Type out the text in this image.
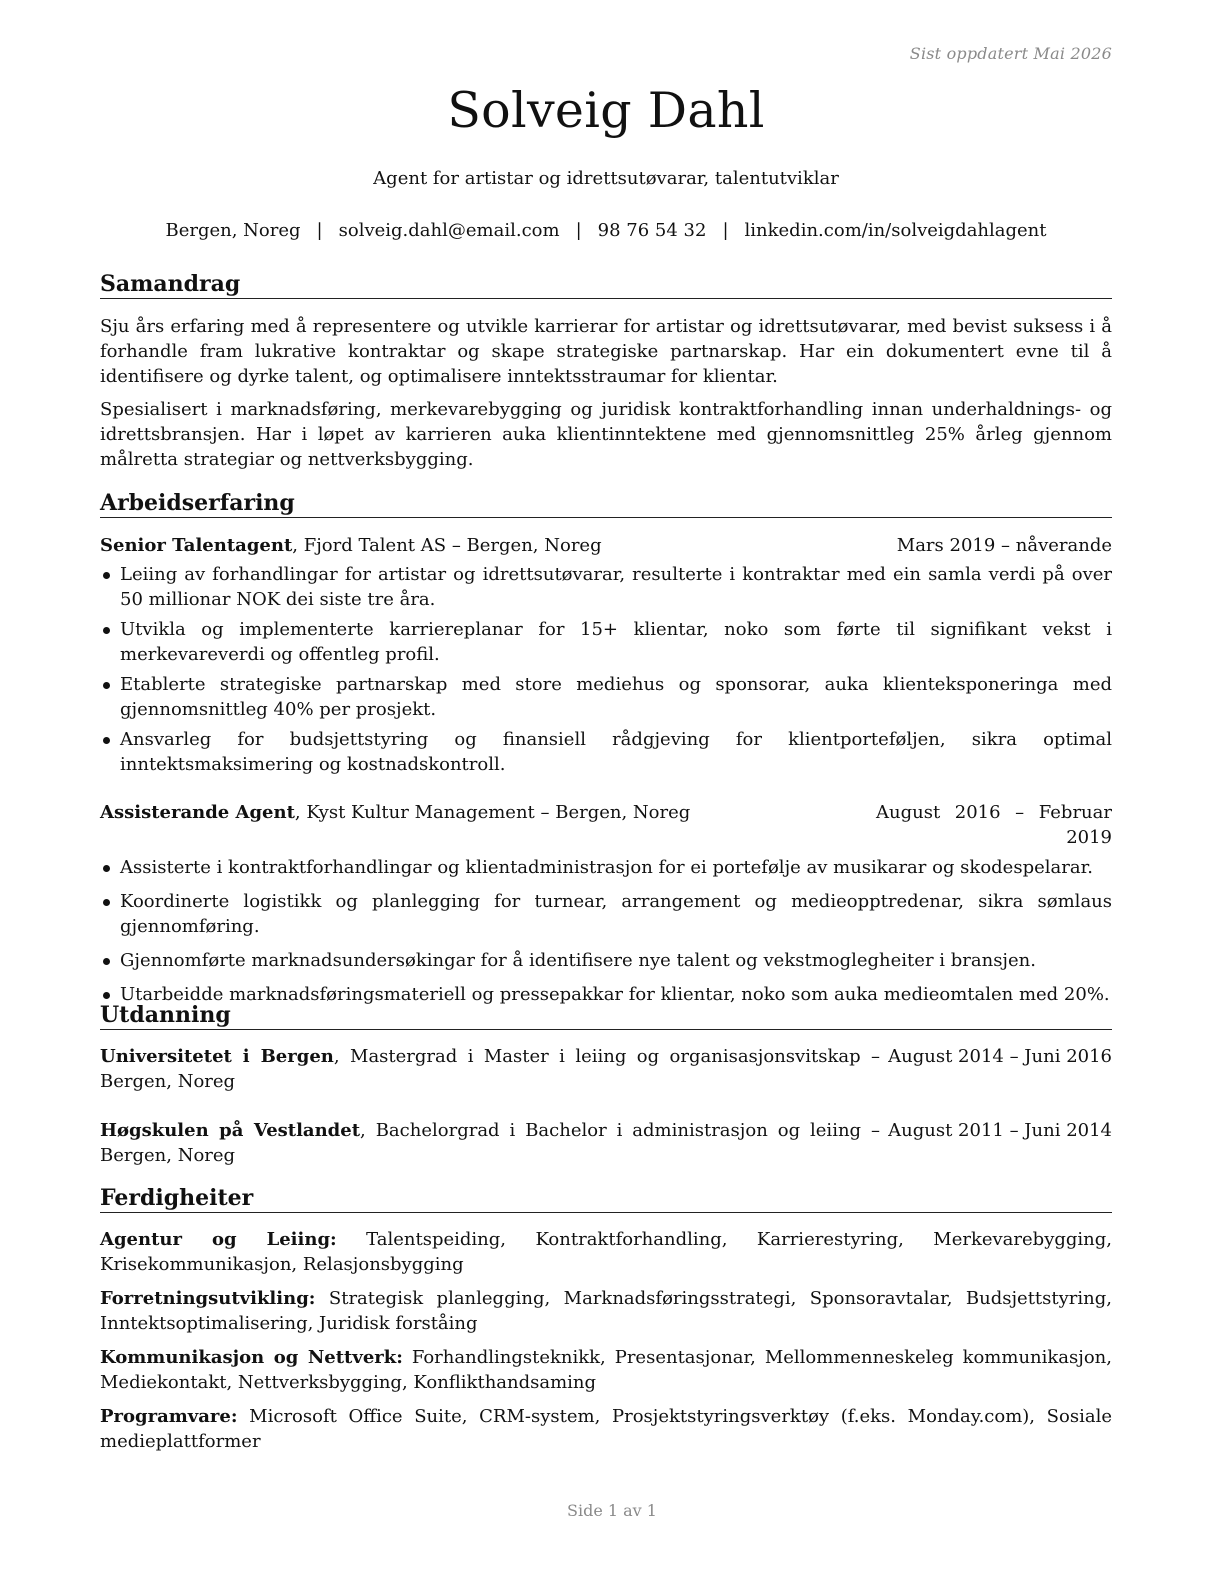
Sist oppdatert Mai 2026
Solveig Dahl
Agent for artistar og idrettsutøvarar, talentutviklar
Bergen, Noreg | solveig.dahl@email.com | 98 76 54 32 | linkedin.com/in/solveigdahlagent
Samandrag

Sju års erfaring med å representere og utvikle karrierar for artistar og idrettsutøvarar, med bevist suksess i å forhandle fram lukrative kontraktar og skape strategiske partnarskap. Har ein dokumentert evne til å identifisere og dyrke talent, og optimalisere inntektsstraumar for klientar.

Spesialisert i marknadsføring, merkevarebygging og juridisk kontraktforhandling innan underhaldnings- og idrettsbransjen. Har i løpet av karrieren auka klientinntektene med gjennomsnittleg 25% årleg gjennom målretta strategiar og nettverksbygging.

Arbeidserfaring
Senior Talentagent, Fjord Talent AS – Bergen, Noreg	Mars 2019 – nåverande
Leiing av forhandlingar for artistar og idrettsutøvarar, resulterte i kontraktar med ein samla verdi på over 50 millionar NOK dei siste tre åra.
Utvikla og implementerte karriereplanar for 15+ klientar, noko som førte til signifikant vekst i merkevareverdi og offentleg profil.
Etablerte strategiske partnarskap med store mediehus og sponsorar, auka klienteksponeringa med gjennomsnittleg 40% per prosjekt.
Ansvarleg for budsjettstyring og finansiell rådgjeving for klientporteføljen, sikra optimal inntektsmaksimering og kostnadskontroll.
Assisterande Agent, Kyst Kultur Management – Bergen, Noreg	August 2016 – Februar 2019
Assisterte i kontraktforhandlingar og klientadministrasjon for ei portefølje av musikarar og skodespelarar.
Koordinerte logistikk og planlegging for turnear, arrangement og medieopptredenar, sikra sømlaus gjennomføring.
Gjennomførte marknadsundersøkingar for å identifisere nye talent og vekstmoglegheiter i bransjen.
Utarbeidde marknadsføringsmateriell og pressepakkar for klientar, noko som auka medieomtalen med 20%.
Utdanning
Universitetet i Bergen, Mastergrad i Master i leiing og organisasjonsvitskap – Bergen, Noreg
August 2014 – Juni 2016
Høgskulen på Vestlandet, Bachelorgrad i Bachelor i administrasjon og leiing – Bergen, Noreg
August 2011 – Juni 2014
Ferdigheiter
Agentur og Leiing: Talentspeiding, Kontraktforhandling, Karrierestyring, Merkevarebygging, Krisekommunikasjon, Relasjonsbygging
Forretningsutvikling: Strategisk planlegging, Marknadsføringsstrategi, Sponsoravtalar, Budsjettstyring, Inntektsoptimalisering, Juridisk forståing
Kommunikasjon og Nettverk: Forhandlingsteknikk, Presentasjonar, Mellommenneskeleg kommunikasjon, Mediekontakt, Nettverksbygging, Konflikthandsaming
Programvare: Microsoft Office Suite, CRM-system, Prosjektstyringsverktøy (f.eks. Monday.com), Sosiale medieplattformer
Side 1 av 1
